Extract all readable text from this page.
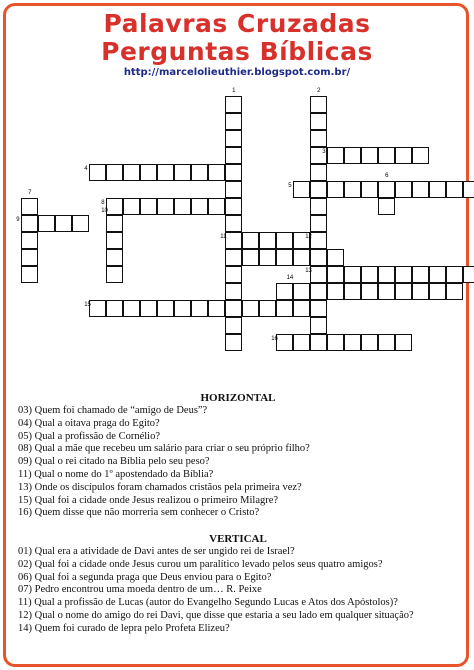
Palavras Cruzadas
Perguntas Bíblicas
http://marcelolieuthier.blogspot.com.br/
1	2
3
4
5
6
7
8
9
10
11	12
13
14
15
16
HORIZONTAL
03) Quem foi chamado de “amigo de Deus”?
04) Qual a oitava praga do Egito?
05) Qual a profissão de Cornélio?
08) Qual a mãe que recebeu um salário para criar o seu próprio filho?
09) Qual o rei citado na Bíblia pelo seu peso?
11) Qual o nome do 1º apostendado da Bíblia?
13) Onde os discípulos foram chamados cristãos pela primeira vez?
15) Qual foi a cidade onde Jesus realizou o primeiro Milagre?
16) Quem disse que não morreria sem conhecer o Cristo?
VERTICAL
01) Qual era a atividade de Davi antes de ser ungido rei de Israel?
02) Qual foi a cidade onde Jesus curou um paralítico levado pelos seus quatro amigos?
06) Qual foi a segunda praga que Deus enviou para o Egito?
07) Pedro encontrou uma moeda dentro de um… R. Peixe
11) Qual a profissão de Lucas (autor do Evangelho Segundo Lucas e Atos dos Apóstolos)?
12) Qual o nome do amigo do rei Davi, que disse que estaria a seu lado em qualquer situação?
14) Quem foi curado de lepra pelo Profeta Elizeu?
